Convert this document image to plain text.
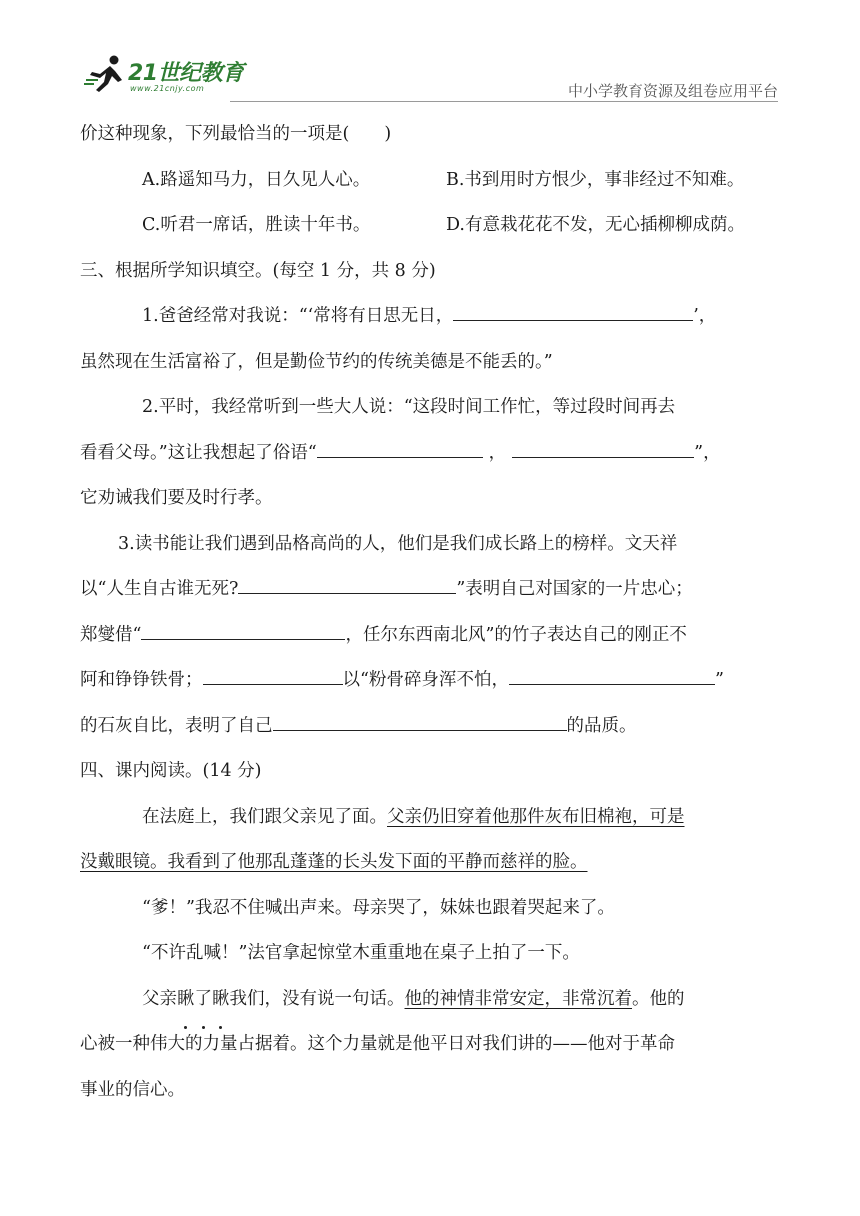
21世纪教育
www.21cnjy.com	中小学教育资源及组卷应用平台
价这种现象，下列最恰当的一项是(　　)
A.路遥知马力，日久见人心。	B.书到用时方恨少，事非经过不知难。
C.听君一席话，胜读十年书。	D.有意栽花花不发，无心插柳柳成荫。
三、根据所学知识填空。(每空 1 分，共 8 分)
1.爸爸经常对我说：“‘常将有日思无日，	’，
虽然现在生活富裕了，但是勤俭节约的传统美德是不能丢的。”
2.平时，我经常听到一些大人说：“这段时间工作忙，等过段时间再去
看看父母。”这让我想起了俗语“	，	”，
它劝诫我们要及时行孝。
3.读书能让我们遇到品格高尚的人，他们是我们成长路上的榜样。文天祥
以“人生自古谁无死?	”表明自己对国家的一片忠心；
郑燮借“	，任尔东西南北风”的竹子表达自己的刚正不
阿和铮铮铁骨；	以“粉骨碎身浑不怕，	”
的石灰自比，表明了自己	的品质。
四、课内阅读。(14 分)
在法庭上，我们跟父亲见了面。父亲仍旧穿着他那件灰布旧棉袍，可是
没戴眼镜。我看到了他那乱蓬蓬的长头发下面的平静而慈祥的脸。
“爹！”我忍不住喊出声来。母亲哭了，妹妹也跟着哭起来了。
“不许乱喊！”法官拿起惊堂木重重地在桌子上拍了一下。
父亲瞅了瞅我们，没有说一句话。他的神情非常安定，非常沉着。他的
心被一种伟大的力量占据着。这个力量就是他平日对我们讲的——他对于革命
事业的信心。
